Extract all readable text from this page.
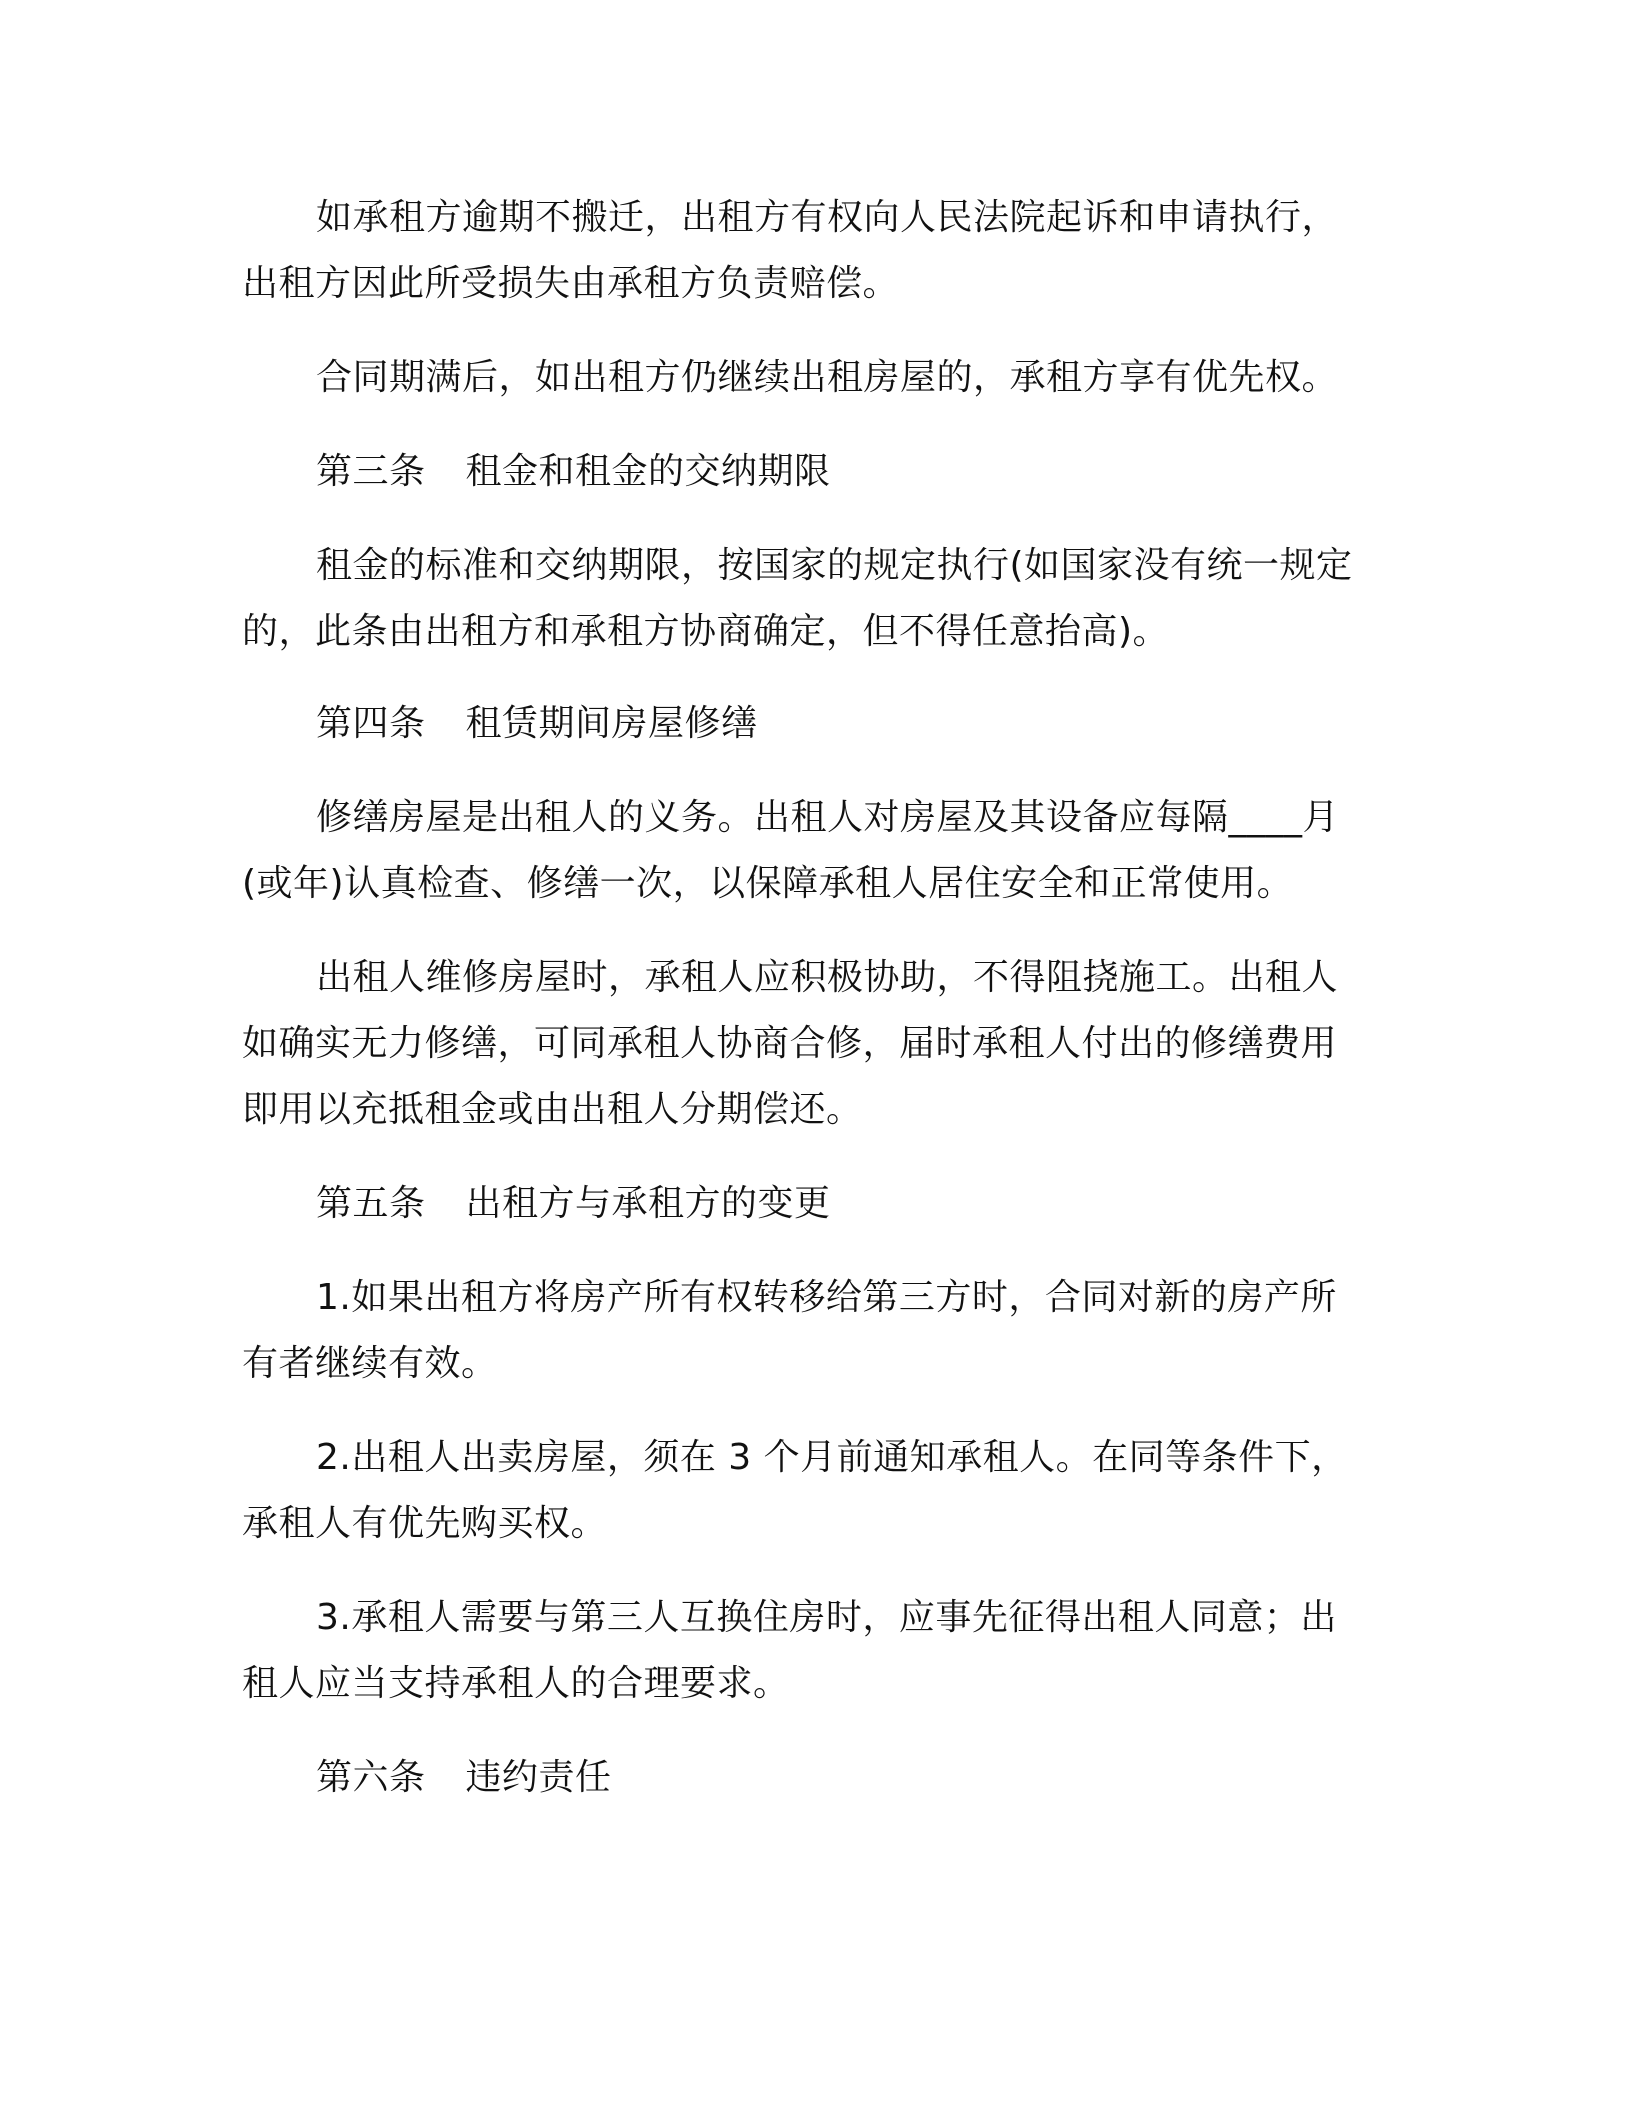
如承租方逾期不搬迁，出租方有权向人民法院起诉和申请执行，
出租方因此所受损失由承租方负责赔偿。
合同期满后，如出租方仍继续出租房屋的，承租方享有优先权。
第三条 租金和租金的交纳期限
租金的标准和交纳期限，按国家的规定执行(如国家没有统一规定
的，此条由出租方和承租方协商确定，但不得任意抬高)。
第四条 租赁期间房屋修缮
修缮房屋是出租人的义务。出租人对房屋及其设备应每隔____月
(或年)认真检查、修缮一次，以保障承租人居住安全和正常使用。
出租人维修房屋时，承租人应积极协助，不得阻挠施工。出租人
如确实无力修缮，可同承租人协商合修，届时承租人付出的修缮费用
即用以充抵租金或由出租人分期偿还。
第五条 出租方与承租方的变更
1.如果出租方将房产所有权转移给第三方时，合同对新的房产所
有者继续有效。
2.出租人出卖房屋，须在 3 个月前通知承租人。在同等条件下，
承租人有优先购买权。
3.承租人需要与第三人互换住房时，应事先征得出租人同意；出
租人应当支持承租人的合理要求。
第六条 违约责任
